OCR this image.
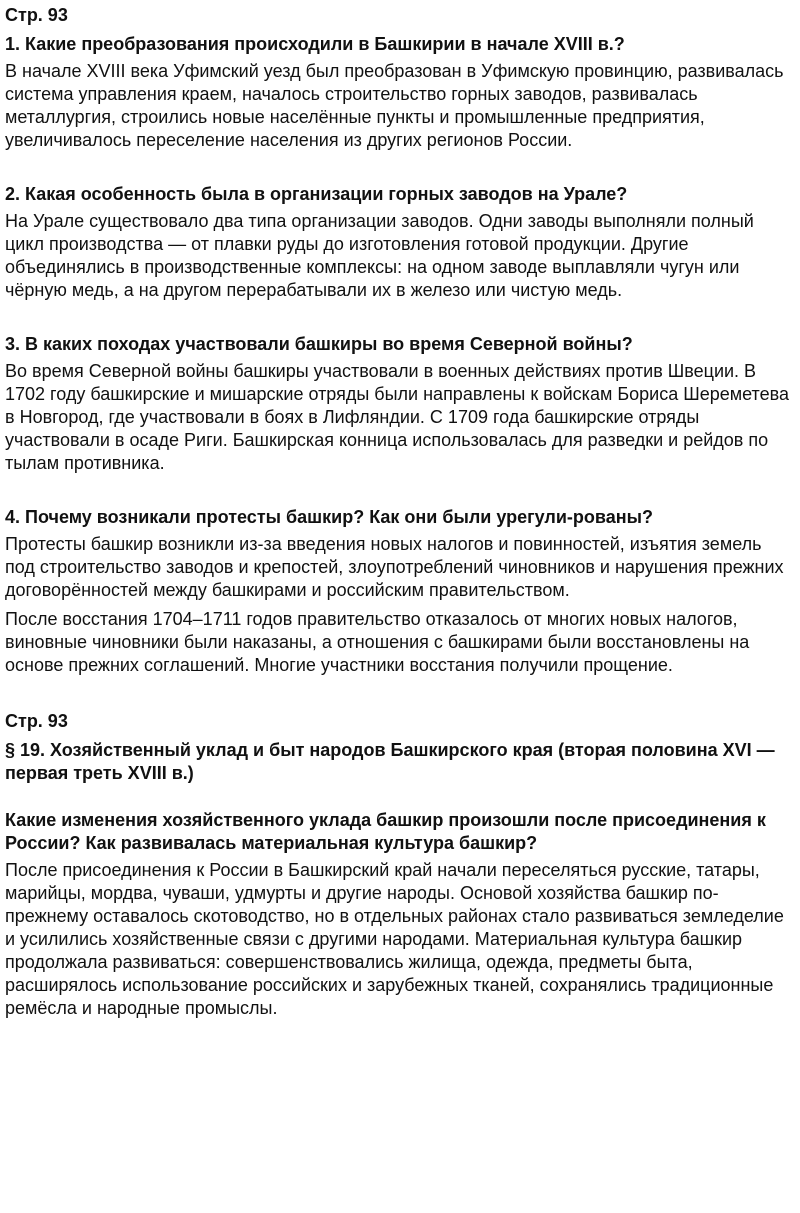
Стр. 93
1. Какие преобразования происходили в Башкирии в начале XVIII в.?
В начале XVIII века Уфимский уезд был преобразован в Уфимскую провинцию, развивалась система управления краем, началось строительство горных заводов, развивалась металлургия, строились новые населённые пункты и промышленные предприятия, увеличивалось переселение населения из других регионов России.
2. Какая особенность была в организации горных заводов на Урале?
На Урале существовало два типа организации заводов. Одни заводы выполняли полный цикл производства — от плавки руды до изготовления готовой продукции. Другие объединялись в производственные комплексы: на одном заводе выплавляли чугун или чёрную медь, а на другом перерабатывали их в железо или чистую медь.
3. В каких походах участвовали башкиры во время Северной войны?
Во время Северной войны башкиры участвовали в военных действиях против Швеции. В 1702 году башкирские и мишарские отряды были направлены к войскам Бориса Шереметева в Новгород, где участвовали в боях в Лифляндии. С 1709 года башкирские отряды участвовали в осаде Риги. Башкирская конница использовалась для разведки и рейдов по тылам противника.
4. Почему возникали протесты башкир? Как они были урегули-рованы?
Протесты башкир возникли из-за введения новых налогов и повинностей, изъятия земель под строительство заводов и крепостей, злоупотреблений чиновников и нарушения прежних договорённостей между башкирами и российским правительством.
После восстания 1704–1711 годов правительство отказалось от многих новых налогов, виновные чиновники были наказаны, а отношения с башкирами были восстановлены на основе прежних соглашений. Многие участники восстания получили прощение.
Стр. 93
§ 19. Хозяйственный уклад и быт народов Башкирского края (вторая половина XVI — первая треть XVIII в.)
Какие изменения хозяйственного уклада башкир произошли после присоединения к России? Как развивалась материальная культура башкир?
После присоединения к России в Башкирский край начали переселяться русские, татары, марийцы, мордва, чуваши, удмурты и другие народы. Основой хозяйства башкир по-прежнему оставалось скотоводство, но в отдельных районах стало развиваться земледелие и усилились хозяйственные связи с другими народами. Материальная культура башкир продолжала развиваться: совершенствовались жилища, одежда, предметы быта, расширялось использование российских и зарубежных тканей, сохранялись традиционные ремёсла и народные промыслы.
